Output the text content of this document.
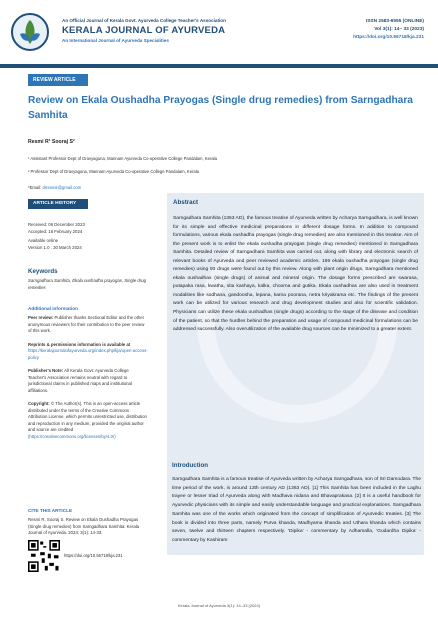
An Official Journal of Kerala Govt. Ayurveda College Teacher's Association
KERALA JOURNAL OF AYURVEDA
An International Journal of Ayurveda Specialities
ISSN 2583-6555 (ONLINE)
Vol 3(1): 14– 33 (2023)
https://doi.org/10.55718/kja.231
REVIEW ARTICLE
Review on Ekala Oushadha Prayogas (Single drug remedies) from Sarngadhara Samhita
Resmi R¹ Sooraj S²
¹ Assistant Professor Dept of Dravyaguna, Mannam Ayurveda Co-operative College Pandalam, Kerala
² Professor Dept of Dravyaguna, Mannam Ayurveda Co-operative College Pandalam, Kerala
*Email: drresmir@gmail.com
ARTICLE HISTORY
Received: 06 December 2023
Accepted: 16 February 2024
Available online
Version 1.0 : 30 March 2024
Keywords
Sarngadhara Samhita, Ekala oushadha prayogas, Single drug remedies
Additional information
Peer review: Publisher thanks Sectional Editor and the other anonymous reviewers for their contribution to the peer review of this work.
Reprints & permissions information is available at https://keralajournalofayurveda.org/index.php/kja/open-access-policy
Publisher's Note: All Kerala Govt. Ayurveda College Teacher's Association remains neutral with regard to jurisdictional claims in published maps and institutional affiliations.
Copyright: © The Author(s). This is an open-access article distributed under the terms of the Creative Commons Attribution License, which permits unrestricted use, distribution and reproduction in any medium, provided the original author and source are credited (https://creativecommons.org/licenses/by/4.0/)
CITE THIS ARTICLE
Resmi R, Sooraj S. Review on Ekala Oushadha Prayogas (Single drug remedies) from Sarngadhara Samhita: Kerala Journal of Ayurveda. 2024; 3(1): 14-33.
https://doi.org/10.55718/kja.231
Abstract
Sarngadhara Samhita (1363 AD), the famous treatise of Ayurveda written by Acharya Sarngadhara, is well known for its simple and effective medicinal preparations in different dosage forms. In addition to compound formulations, various ekala oushadha prayogas (single drug remedies) are also mentioned in this treatise. Aim of the present work is to enlist the ekala oushadha prayogas (single drug remedies) mentioned in Sarngadhara Samhita. Detailed review of Sarngadhara Samhita was carried out, along with library and electronic search of relevant books of Ayurveda and peer reviewed academic articles. 159 ekala oushadha prayogas (single drug remedies) using 93 drugs were found out by this review. Along with plant origin drugs, Sarngadhara mentioned ekala oushadhas (single drugs) of animal and mineral origin. The dosage forms prescribed are swarasa, putapaka rasa, kwatha, sita kashaya, kalka, choorna and gutika. Ekala oushadhas are also used in treatment modalities like sodhana, gandoosha, lepana, karna poorana, netra kriyakrama etc. The findings of the present work can be utilized for various research and drug development studies and also for scientific validation. Physicians can utilize these ekala oushadhas (single drugs) according to the stage of the disease and condition of the patient, so that the hurdles behind the preparation and usage of compound medicinal formulations can be addressed successfully. Also overutilization of the available drug sources can be minimized to a greater extent.
Introduction
Sarngadhara Samhita is a famous treatise of Ayurveda written by Acharya Sarngadhara, son of Sri Damodara. The time period of the work, is around 13th century AD (1363 AD). [1] This Samhita has been included in the Laghu trayee or lesser triad of Ayurveda along with Madhava nidana and Bhavaprakasa. [2] It is a useful handbook for Ayurvedic physicians with its simple and easily understandable language and practical explanations. Sarngadhara Samhita was one of the works which originated from the concept of simplification of Ayurvedic treaties. [3] The book is divided into three parts, namely Purva khanda, Madhyama khanda and Uthara khanda which contains seven, twelve and thirteen chapters respectively. 'Dipika' - commentary by Adhamalla, 'Gudardha Dipika' -commentary by Kashiram
Kerala Journal of Ayurveda 3(1): 14–33 (2024)
